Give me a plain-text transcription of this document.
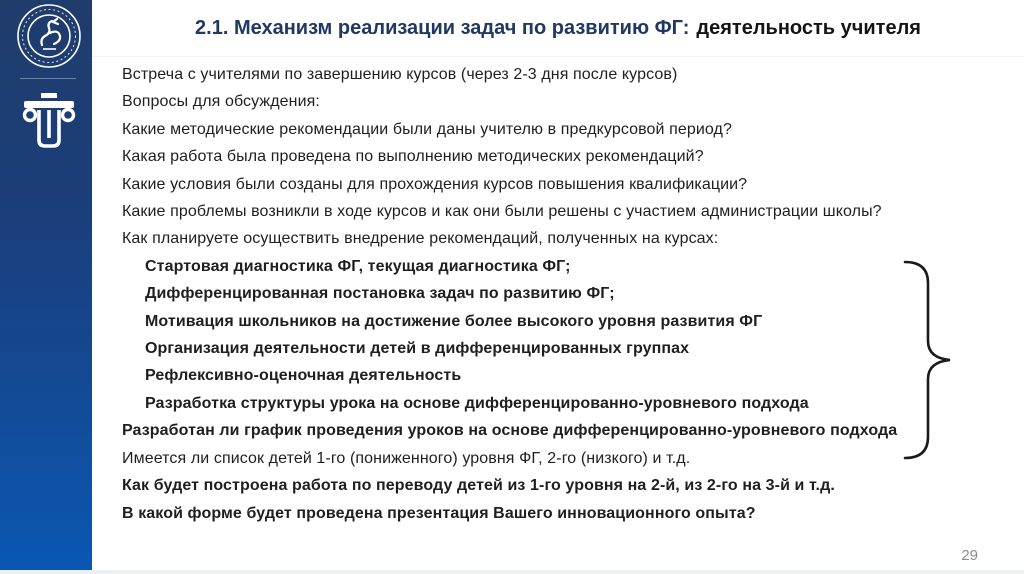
2.1. Механизм реализации задач по развитию ФГ: деятельность учителя
Встреча с учителями по завершению курсов (через 2-3 дня после курсов)
Вопросы для обсуждения:
Какие методические рекомендации были даны учителю в предкурсовой период?
Какая работа была проведена по выполнению методических рекомендаций?
Какие условия были созданы для прохождения курсов повышения квалификации?
Какие проблемы возникли в ходе курсов и как они были решены с участием администрации школы?
Как планируете осуществить внедрение рекомендаций, полученных на курсах:
Стартовая диагностика ФГ, текущая диагностика ФГ;
Дифференцированная постановка задач по развитию ФГ;
Мотивация школьников на достижение более высокого уровня развития ФГ
Организация деятельности детей в дифференцированных группах
Рефлексивно-оценочная деятельность
Разработка структуры урока на основе дифференцированно-уровневого подхода
Разработан ли график проведения уроков на основе дифференцированно-уровневого подхода
Имеется ли список детей 1-го (пониженного) уровня ФГ, 2-го (низкого) и т.д.
Как будет построена работа по переводу детей из 1-го уровня на 2-й, из 2-го на 3-й и т.д.
В какой форме будет проведена презентация Вашего инновационного опыта?
29
